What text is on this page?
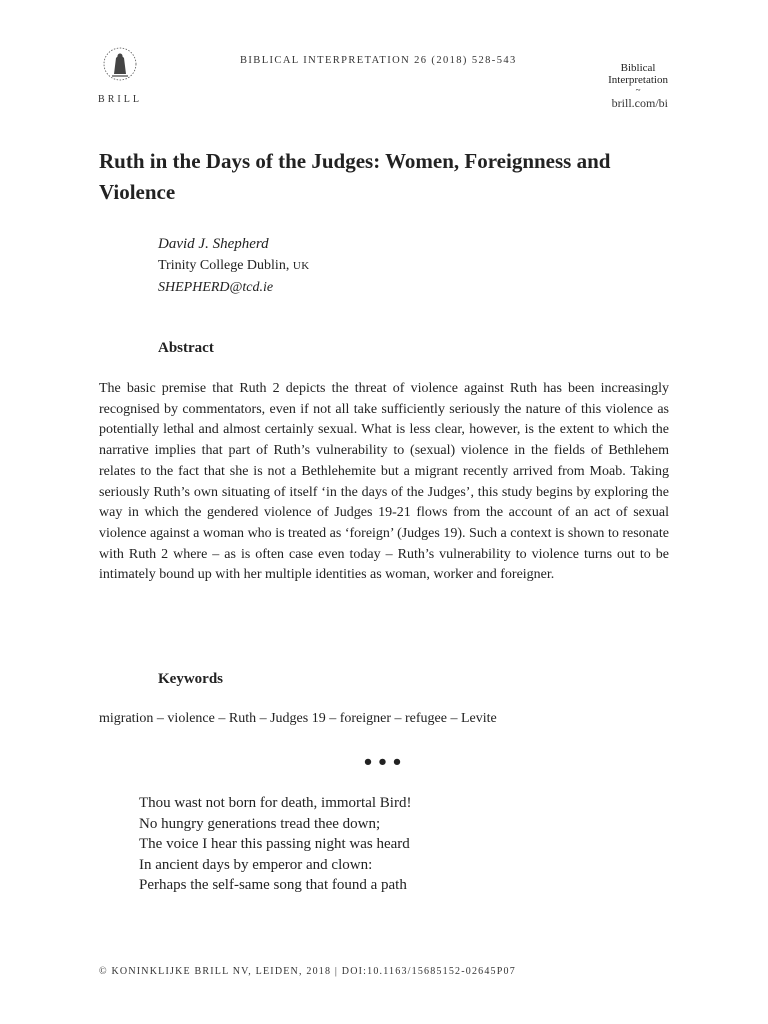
BRILL
BIBLICAL INTERPRETATION 26 (2018) 528-543
Biblical
Interpretation
~
brill.com/bi
Ruth in the Days of the Judges: Women, Foreignness and Violence
David J. Shepherd
Trinity College Dublin, UK
SHEPHERD@tcd.ie
Abstract
The basic premise that Ruth 2 depicts the threat of violence against Ruth has been increasingly recognised by commentators, even if not all take sufficiently seriously the nature of this violence as potentially lethal and almost certainly sexual. What is less clear, however, is the extent to which the narrative implies that part of Ruth’s vulnerability to (sexual) violence in the fields of Bethlehem relates to the fact that she is not a Bethlehemite but a migrant recently arrived from Moab. Taking seriously Ruth’s own situating of itself ‘in the days of the Judges’, this study begins by exploring the way in which the gendered violence of Judges 19-21 flows from the account of an act of sexual violence against a woman who is treated as ‘foreign’ (Judges 19). Such a context is shown to resonate with Ruth 2 where – as is often case even today – Ruth’s vulnerability to violence turns out to be intimately bound up with her multiple identities as woman, worker and foreigner.
Keywords
migration – violence – Ruth – Judges 19 – foreigner – refugee – Levite
•••
Thou wast not born for death, immortal Bird!
No hungry generations tread thee down;
The voice I hear this passing night was heard
In ancient days by emperor and clown:
Perhaps the self-same song that found a path
© KONINKLIJKE BRILL NV, LEIDEN, 2018 | DOI:10.1163/15685152-02645P07
